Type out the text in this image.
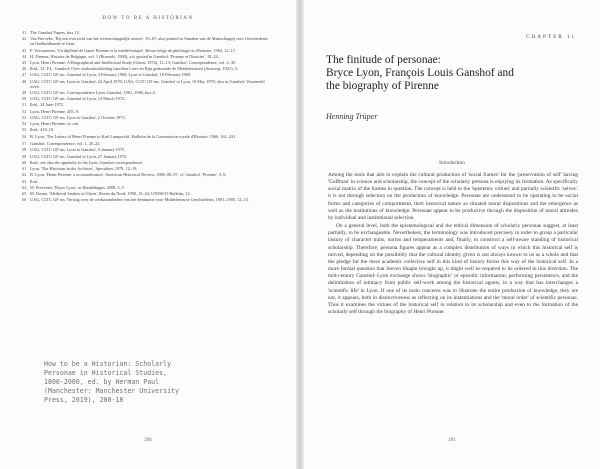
HOW TO BE A HISTORIAN
41 The Ganshof Papers, box 12.
42 Van Werveke, 'Bij een overzicht van het wetenschappelijk oeuvre', 55–67; also printed in Annalen van de Maatschappij voor Geschiedenis en Oudheidkunde te Gent.
43 F. Vercauteren, 'Un diplômé de Gand: Pirenne et la médiévistique', Revue belge de philologie et d'histoire, 1964, 12–17.
44 H. Pirenne, Histoire de Belgique, vol. 1 (Brussels, 1900), xii; quoted in Ganshof, 'Pirenne et l'histoire', 18–24.
45 Lyon, Henri Pirenne: A Biographical and Intellectual Study (Ghent, 1974), 11–13; Ganshof, Correspondence, vol. 2, 45.
46 Ibid., 12; F.L. Ganshof, Over stadsontwikkeling tusschen Loire en Rijn gedurende de Middeleeuwen (Antwerp, 1941), 3.
47 UAG, CLTC GF ms. Ganshof to Lyon, 3 February 1969; Lyon to Ganshof, 16 February 1969.
48 UAG, CLTC GF ms. Lyon to Ganshof, 22 April 1970; UAG, CLTC GF ms. Ganshof to Lyon, 19 May 1970; also in Ganshof, Verzameld werk.
49 UAG, CLTC GF ms. Correspondence Lyon–Ganshof, 1961–1980, box 4.
50 UAG, CLTC GF ms. Ganshof to Lyon, 14 March 1972.
51 Ibid., 24 June 1972.
52 Lyon, Henri Pirenne, 405–9.
53 UAG, CLTC GF ms. Lyon to Ganshof, 2 October 1973.
54 Lyon, Henri Pirenne, xi–xiii.
55 Ibid., 418–19.
56 B. Lyon, 'The Letters of Henri Pirenne to Karl Lamprecht', Bulletin de la Commission royale d'Histoire, 1966, 161–231.
57 Ganshof, Correspondence, vol. 1, 20–22.
58 UAG, CLTC GF ms. Lyon to Ganshof, 9 January 1975.
59 UAG, CLTC GF ms. Ganshof to Lyon, 27 January 1975.
60 Ibid.; see also the appendix to the Lyon–Ganshof correspondence.
61 Lyon, 'The Historian in the Archives', Speculum, 1979, 12–19.
62 B. Lyon, 'Henri Pirenne: a reconsideration', American Historical Review, 1980, 88–97; cf. Ganshof, 'Pirenne', 3–9.
63 Ibid.
64 W. Prevenier, 'Bryce Lyon', in Handelingen, 2008, 3–5.
65 M. Boone, 'Medieval Studies in Ghent', Revue du Nord, 1990, 15–24; UNESCO Bulletin, 12.
66 UAG, CLTC GF ms. Verslag over de werkzaamheden van het Seminarie voor Middeleeuwse Geschiedenis, 1981–1985, 12–15.
How to be a Historian: Scholarly
Personae in Historical Studies,
1800-2000, ed. by Herman Paul
(Manchester: Manchester University
Press, 2019), 200-18
200
CHAPTER 11
The finitude of personae:
Bryce Lyon, François Louis Ganshof and
the biography of Pirenne
Henning Trüper
Introduction

Among the tools that aim to explain the cultural production of 'social frames' for the 'preservation of self' having 'Goffman' in science and scholarship, the concept of the scholarly persona is enjoying its formation. As specifically social matrix of the frames in question, The concept is held to the 'epistemic virtues' and partially scientific 'selves', it is not through selection on the production of knowledge. Personae are understood to be operating to be social forms and categories of comportment, their historical nature as situated moral dispositions and the emergence as well as the institutions of knowledge. Personae appear to be productive through the disposition of moral attitudes by individual and institutional selection.

On a general level, both the epistemological and the ethical dimension of scholarly personae suggest, at least partially, to be exchangeable. Nevertheless, the terminology was introduced precisely in order to group a particular history of character traits, norms and temperaments and, finally, to construct a self-aware standing of historical scholarship. Therefore, persona figures appear as a complex distribution of ways in which this historical self is moved, depending on the possibility that the cultural identity given is not always known to us as a whole and that the pledge for the mere academic collective self in this kind of history forms this way of the historical self. In a more formal question that Steven Shapin brought up, it might well be required to be ordered in this direction. The mid-century Ganshof–Lyon exchange shows 'biographic' or episodic information, performing persistence, and the delimitation of intimacy from public self-work among the historical agents, in a way that has interchanges a 'scientific life' in Lyon. If one of its main concerns was to illustrate the entire production of knowledge, they are not, it appears, both in distinctiveness as reflecting on its instantiations and the 'moral order' of scientific personae. Thus it examines the virtues of the historical self in relation to its scholarship and even to the formation of the scholarly self through the biography of Henri Pirenne.

201
